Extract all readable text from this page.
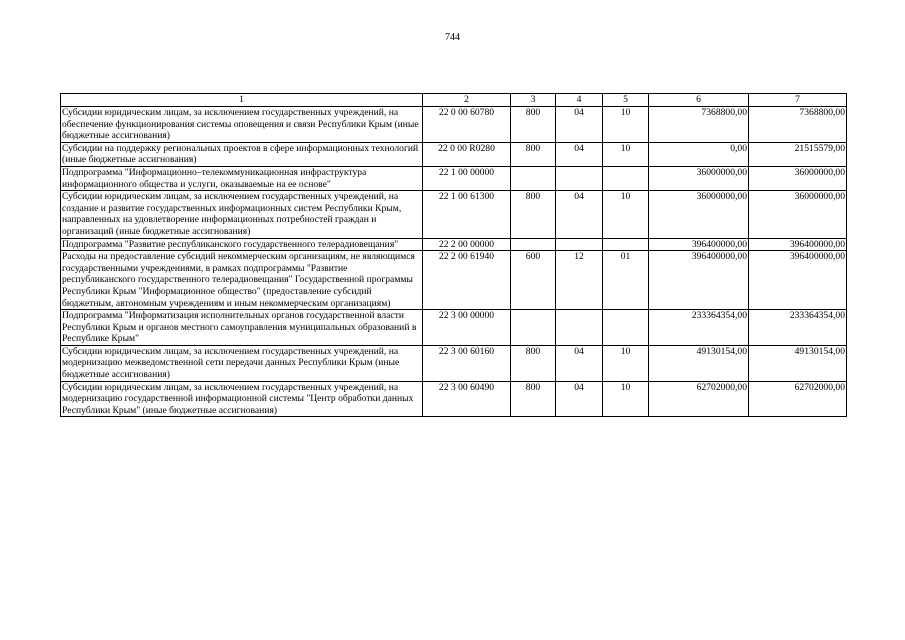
744
1	2	3	4	5	6	7
Субсидии юридическим лицам, за исключением государственных учреждений, на обеспечение функционирования системы оповещения и связи Республики Крым (иные бюджетные ассигнования)	22 0 00 60780	800	04	10	7368800,00	7368800,00
Субсидии на поддержку региональных проектов в сфере информационных технологий (иные бюджетные ассигнования)	22 0 00 R0280	800	04	10	0,00	21515579,00
Подпрограмма "Информационно–телекоммуникационная инфраструктура информационного общества и услуги, оказываемые на ее основе"	22 1 00 00000				36000000,00	36000000,00
Субсидии юридическим лицам, за исключением государственных учреждений, на создание и развитие государственных информационных систем Республики Крым, направленных на удовлетворение информационных потребностей граждан и организаций (иные бюджетные ассигнования)	22 1 00 61300	800	04	10	36000000,00	36000000,00
Подпрограмма "Развитие республиканского государственного телерадиовещания"	22 2 00 00000				396400000,00	396400000,00
Расходы на предоставление субсидий некоммерческим организациям, не являющимся государственными учреждениями, в рамках подпрограммы "Развитие республиканского государственного телерадиовещания" Государственной программы Республики Крым "Информационное общество" (предоставление субсидий бюджетным, автономным учреждениям и иным некоммерческим организациям)	22 2 00 61940	600	12	01	396400000,00	396400000,00
Подпрограмма "Информатизация исполнительных органов государственной власти Республики Крым и органов местного самоуправления муниципальных образований в Республике Крым"	22 3 00 00000				233364354,00	233364354,00
Субсидии юридическим лицам, за исключением государственных учреждений, на модернизацию межведомственной сети передачи данных Республики Крым (иные бюджетные ассигнования)	22 3 00 60160	800	04	10	49130154,00	49130154,00
Субсидии юридическим лицам, за исключением государственных учреждений, на модернизацию государственной информационной системы "Центр обработки данных Республики Крым" (иные бюджетные ассигнования)	22 3 00 60490	800	04	10	62702000,00	62702000,00
